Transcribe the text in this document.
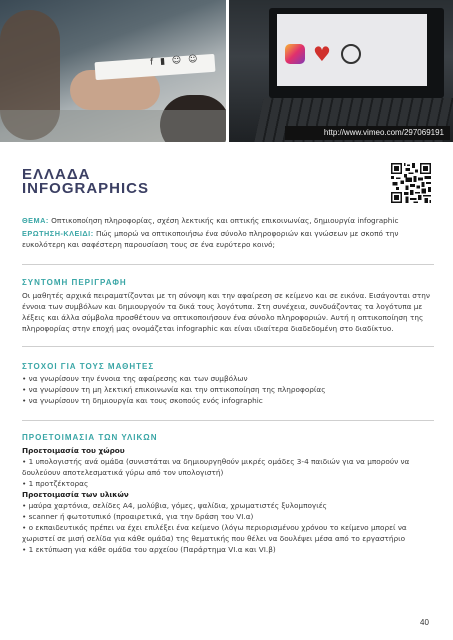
f ▮ ☺ ☺	♥
http://www.vimeo.com/297069191
ΕΛΛΑΔΑ
INFOGRAPHICS
ΘΕΜΑ: Οπτικοποίηση πληροφορίας, σχέση λεκτικής και οπτικής επικοινωνίας, δημιουργία infographic
ΕΡΩΤΗΣΗ-ΚΛΕΙΔΙ: Πώς μπορώ να οπτικοποιήσω ένα σύνολο πληροφοριών και γνώσεων με σκοπό την ευκολότερη και σαφέστερη παρουσίαση τους σε ένα ευρύτερο κοινό;
ΣΥΝΤΟΜΗ ΠΕΡΙΓΡΑΦΗ
Οι μαθητές αρχικά πειραματίζονται με τη σύνοψη και την αφαίρεση σε κείμενο και σε εικόνα. Εισάγονται στην έννοια των συμβόλων και δημιουργούν τα δικά τους λογότυπα. Στη συνέχεια, συνδυάζοντας τα λογότυπα με λέξεις και άλλα σύμβολα προσθέτουν να οπτικοποιήσουν ένα σύνολο πληροφοριών. Αυτή η οπτικοποίηση της πληροφορίας στην εποχή μας ονομάζεται infographic και είναι ιδιαίτερα διαδεδομένη στο διαδίκτυο.
ΣΤΟΧΟΙ ΓΙΑ ΤΟΥΣ ΜΑΘΗΤΕΣ
• να γνωρίσουν την έννοια της αφαίρεσης και των συμβόλων
• να γνωρίσουν τη μη λεκτική επικοινωνία και την οπτικοποίηση της πληροφορίας
• να γνωρίσουν τη δημιουργία και τους σκοπούς ενός infographic
ΠΡΟΕΤΟΙΜΑΣΙΑ ΤΩΝ ΥΛΙΚΩΝ
Προετοιμασία του χώρου
• 1 υπολογιστής ανά ομάδα (συνιστάται να δημιουργηθούν μικρές ομάδες 3-4 παιδιών για να μπορούν να δουλεύουν αποτελεσματικά γύρω από τον υπολογιστή)
• 1 προτζέκτορας
Προετοιμασία των υλικών
• μαύρα χαρτόνια, σελίδες Α4, μολύβια, γόμες, ψαλίδια, χρωματιστές ξυλομπογιές
• scanner ή φωτοτυπικό (προαιρετικά, για την δράση του VI.α)
• ο εκπαιδευτικός πρέπει να έχει επιλέξει ένα κείμενο (λόγω περιορισμένου χρόνου το κείμενο μπορεί να χωριστεί σε μισή σελίδα για κάθε ομάδα) της θεματικής που θέλει να δουλέψει μέσα από το εργαστήριο
• 1 εκτύπωση για κάθε ομάδα του αρχείου (Παράρτημα VI.α και VI.β)
40
